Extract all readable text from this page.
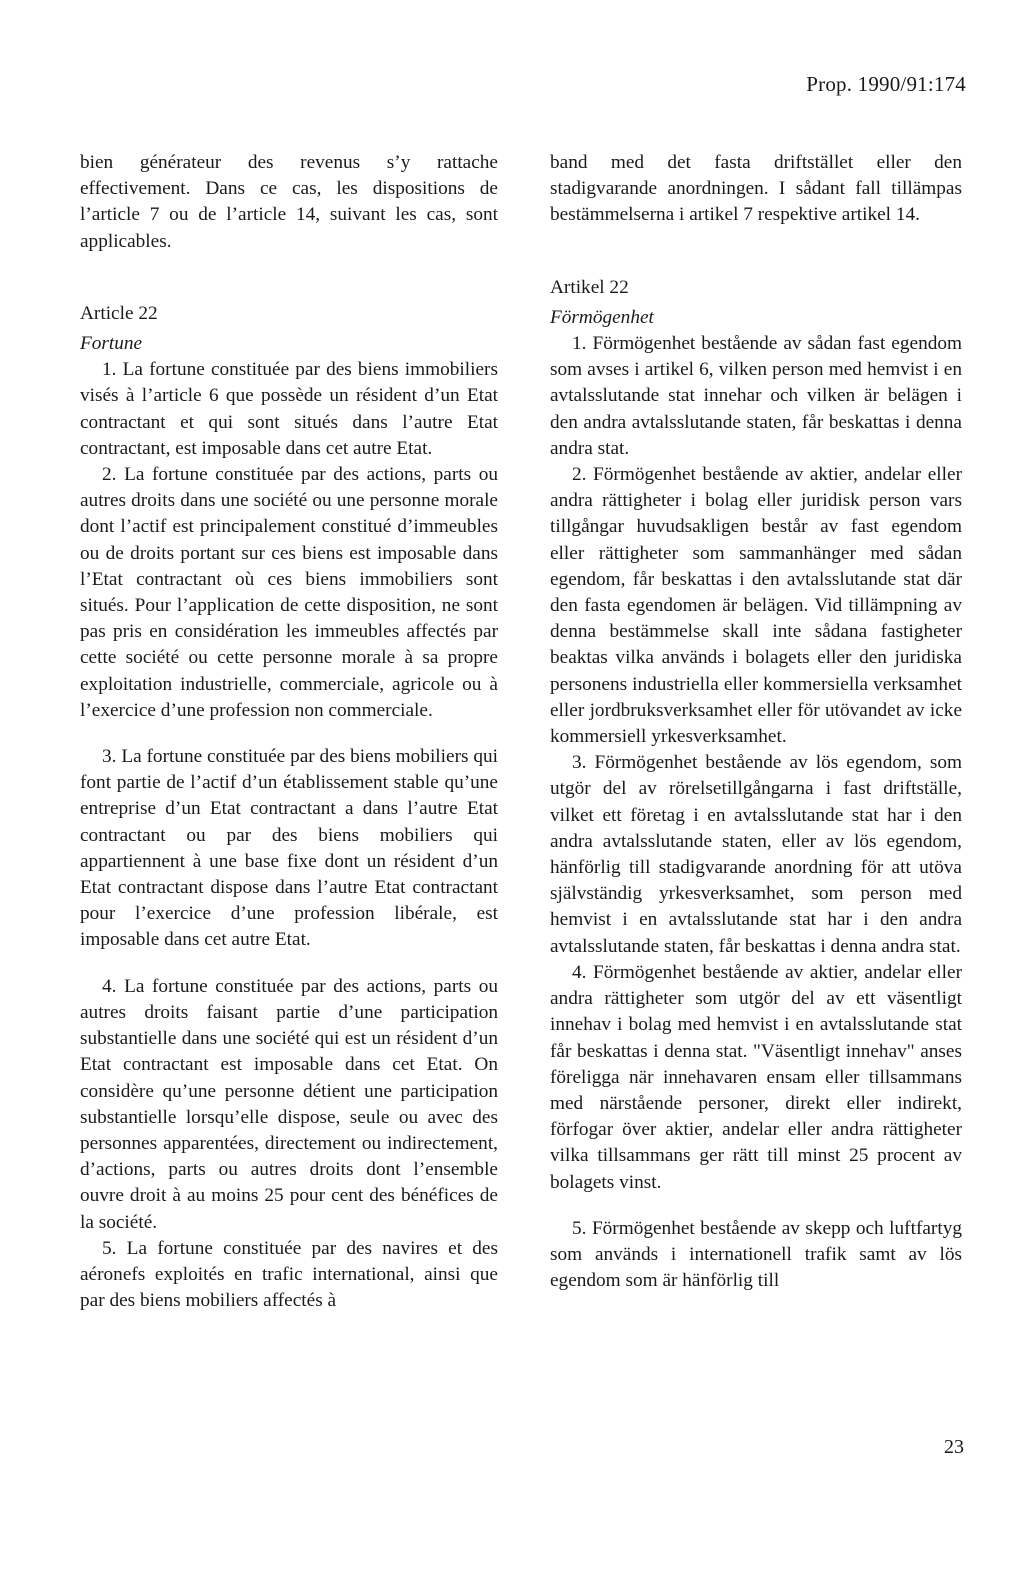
Prop. 1990/91:174

bien générateur des revenus s’y rattache effectivement. Dans ce cas, les dispositions de l’article 7 ou de l’article 14, suivant les cas, sont applicables.

Article 22

Fortune

1. La fortune constituée par des biens immobiliers visés à l’article 6 que possède un résident d’un Etat contractant et qui sont situés dans l’autre Etat contractant, est imposable dans cet autre Etat.

2. La fortune constituée par des actions, parts ou autres droits dans une société ou une personne morale dont l’actif est principalement constitué d’immeubles ou de droits portant sur ces biens est imposable dans l’Etat contractant où ces biens immobiliers sont situés. Pour l’application de cette disposition, ne sont pas pris en considération les immeubles affectés par cette société ou cette personne morale à sa propre exploitation industrielle, commerciale, agricole ou à l’exercice d’une profession non commerciale.

3. La fortune constituée par des biens mobiliers qui font partie de l’actif d’un établissement stable qu’une entreprise d’un Etat contractant a dans l’autre Etat contractant ou par des biens mobiliers qui appartiennent à une base fixe dont un résident d’un Etat contractant dispose dans l’autre Etat contractant pour l’exercice d’une profession libérale, est imposable dans cet autre Etat.

4. La fortune constituée par des actions, parts ou autres droits faisant partie d’une participation substantielle dans une société qui est un résident d’un Etat contractant est imposable dans cet Etat. On considère qu’une personne détient une participation substantielle lorsqu’elle dispose, seule ou avec des personnes apparentées, directement ou indirectement, d’actions, parts ou autres droits dont l’ensemble ouvre droit à au moins 25 pour cent des bénéfices de la société.

5. La fortune constituée par des navires et des aéronefs exploités en trafic international, ainsi que par des biens mobiliers affectés à

band med det fasta driftstället eller den stadigvarande anordningen. I sådant fall tillämpas bestämmelserna i artikel 7 respektive artikel 14.

Artikel 22

Förmögenhet

1. Förmögenhet bestående av sådan fast egendom som avses i artikel 6, vilken person med hemvist i en avtalsslutande stat innehar och vilken är belägen i den andra avtalsslutande staten, får beskattas i denna andra stat.

2. Förmögenhet bestående av aktier, andelar eller andra rättigheter i bolag eller juridisk person vars tillgångar huvudsakligen består av fast egendom eller rättigheter som sammanhänger med sådan egendom, får beskattas i den avtalsslutande stat där den fasta egendomen är belägen. Vid tillämpning av denna bestämmelse skall inte sådana fastigheter beaktas vilka används i bolagets eller den juridiska personens industriella eller kommersiella verksamhet eller jordbruksverksamhet eller för utövandet av icke kommersiell yrkesverksamhet.

3. Förmögenhet bestående av lös egendom, som utgör del av rörelsetillgångarna i fast driftställe, vilket ett företag i en avtalsslutande stat har i den andra avtalsslutande staten, eller av lös egendom, hänförlig till stadigvarande anordning för att utöva självständig yrkesverksamhet, som person med hemvist i en avtalsslutande stat har i den andra avtalsslutande staten, får beskattas i denna andra stat.

4. Förmögenhet bestående av aktier, andelar eller andra rättigheter som utgör del av ett väsentligt innehav i bolag med hemvist i en avtalsslutande stat får beskattas i denna stat. "Väsentligt innehav" anses föreligga när innehavaren ensam eller tillsammans med närstående personer, direkt eller indirekt, förfogar över aktier, andelar eller andra rättigheter vilka tillsammans ger rätt till minst 25 procent av bolagets vinst.

5. Förmögenhet bestående av skepp och luftfartyg som används i internationell trafik samt av lös egendom som är hänförlig till

23
